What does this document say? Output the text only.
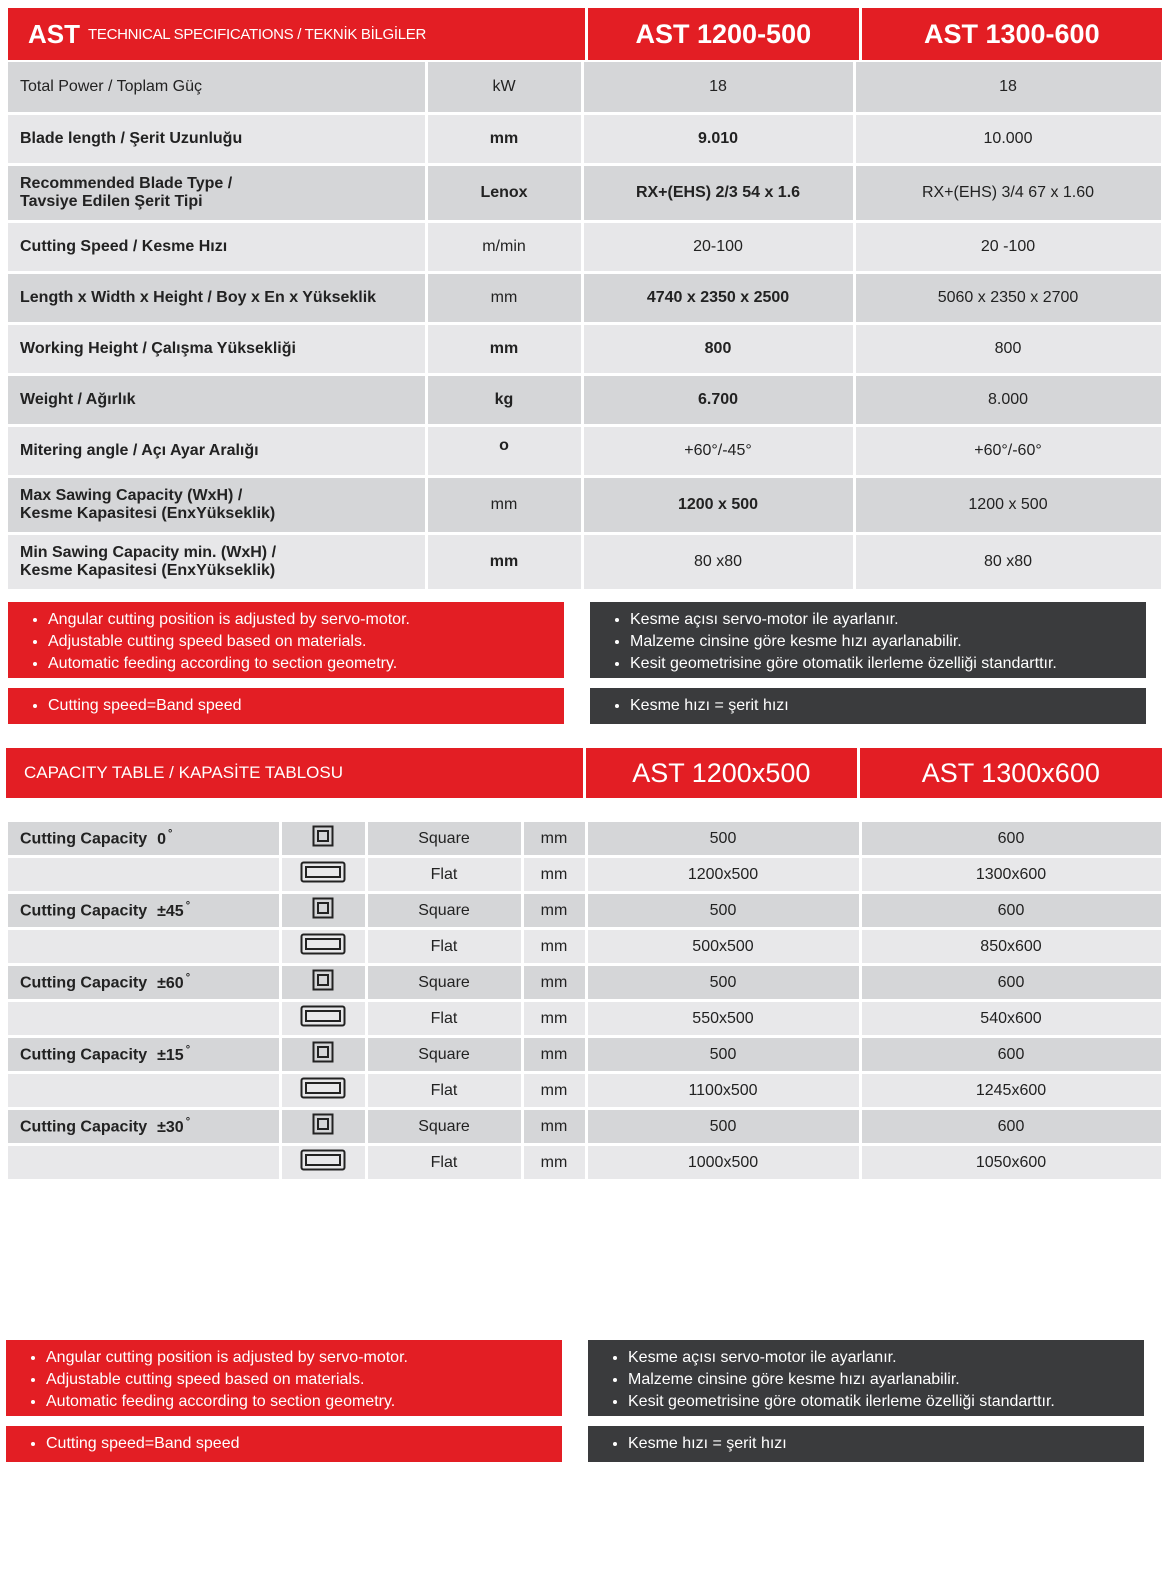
AST TECHNICAL SPECIFICATIONS / TEKNİK BİLGİLER	AST 1200-500	AST 1300-600
Total Power / Toplam Güç	kW	18	18
Blade length / Şerit Uzunluğu	mm	9.010	10.000
Recommended Blade Type / Tavsiye Edilen Şerit Tipi	Lenox	RX+(EHS) 2/3 54 x 1.6	RX+(EHS) 3/4 67 x 1.60
Cutting Speed / Kesme Hızı	m/min	20-100	20 -100
Length x Width x Height / Boy x En x Yükseklik	mm	4740 x 2350 x 2500	5060 x 2350 x 2700
Working Height / Çalışma Yüksekliği	mm	800	800
Weight / Ağırlık	kg	6.700	8.000
Mitering angle / Açı Ayar Aralığı	o	+60°/-45°	+60°/-60°
Max Sawing Capacity (WxH) / Kesme Kapasitesi (EnxYükseklik)	mm	1200 x 500	1200 x 500
Min Sawing Capacity min. (WxH) / Kesme Kapasitesi (EnxYükseklik)	mm	80 x80	80 x80
• Angular cutting position is adjusted by servo-motor.
• Adjustable cutting speed based on materials.
• Automatic feeding according to section geometry.
• Kesme açısı servo-motor ile ayarlanır.
• Malzeme cinsine göre kesme hızı ayarlanabilir.
• Kesit geometrisine göre otomatik ilerleme özelliği standarttır.
• Cutting speed=Band speed	• Kesme hızı = şerit hızı
CAPACITY TABLE / KAPASİTE TABLOSU	AST 1200x500	AST 1300x600
Cutting Capacity 0 °		Square	mm	500	600
		Flat	mm	1200x500	1300x600
Cutting Capacity ±45 °		Square	mm	500	600
		Flat	mm	500x500	850x600
Cutting Capacity ±60 °		Square	mm	500	600
		Flat	mm	550x500	540x600
Cutting Capacity ±15 °		Square	mm	500	600
		Flat	mm	1100x500	1245x600
Cutting Capacity ±30 °		Square	mm	500	600
		Flat	mm	1000x500	1050x600
• Angular cutting position is adjusted by servo-motor.
• Adjustable cutting speed based on materials.
• Automatic feeding according to section geometry.
• Kesme açısı servo-motor ile ayarlanır.
• Malzeme cinsine göre kesme hızı ayarlanabilir.
• Kesit geometrisine göre otomatik ilerleme özelliği standarttır.
• Cutting speed=Band speed	• Kesme hızı = şerit hızı
